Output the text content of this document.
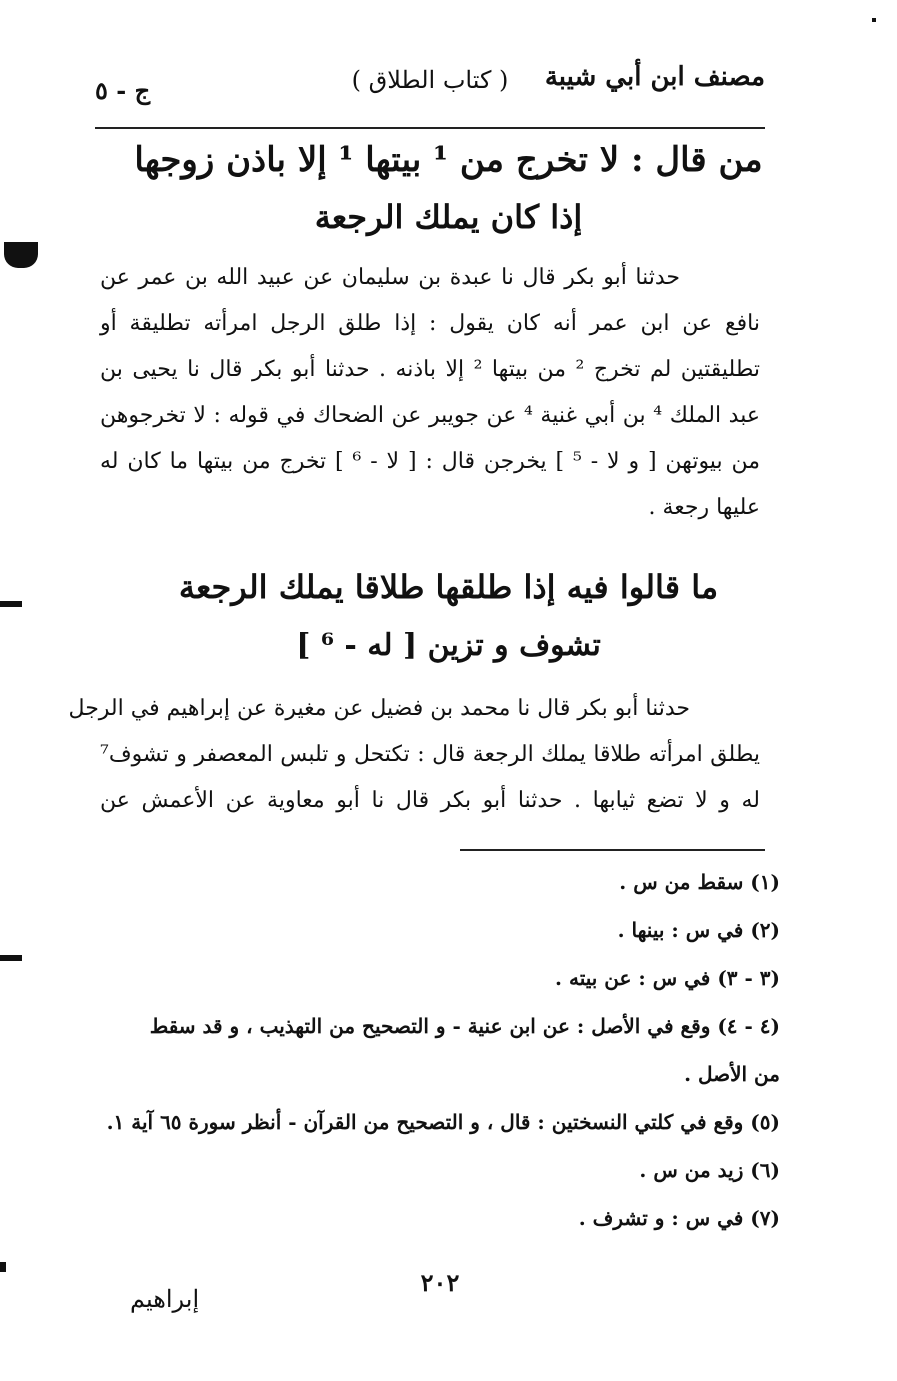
مصنف ابن أبي شيبة
( كتاب الطلاق )
ج - ٥
من قال : لا تخرج من ¹ بيتها ¹ إلا باذن زوجها
إذا كان يملك الرجعة
حدثنا أبو بكر قال نا عبدة بن سليمان عن عبيد الله بن عمر عن
نافع عن ابن عمر أنه كان يقول : إذا طلق الرجل امرأته تطليقة أو
تطليقتين لم تخرج ² من بيتها ² إلا باذنه . حدثنا أبو بكر قال نا يحيى بن
عبد الملك ⁴ بن أبي غنية ⁴ عن جويبر عن الضحاك في قوله : لا تخرجوهن
من بيوتهن [ و لا - ⁵ ] يخرجن قال : [ لا - ⁶ ] تخرج من بيتها ما كان له
عليها رجعة .
ما قالوا فيه إذا طلقها طلاقا يملك الرجعة
تشوف و تزين [ له - ⁶ ]
حدثنا أبو بكر قال نا محمد بن فضيل عن مغيرة عن إبراهيم في الرجل
يطلق امرأته طلاقا يملك الرجعة قال : تكتحل و تلبس المعصفر و تشوف⁷
له و لا تضع ثيابها . حدثنا أبو بكر قال نا أبو معاوية عن الأعمش عن
(١) سقط من س .
(٢) في س : بينها .
(٣ - ٣) في س : عن بيته .
(٤ - ٤) وقع في الأصل : عن ابن عنية - و التصحيح من التهذيب ، و قد سقط
من الأصل .
(٥) وقع في كلتي النسختين : قال ، و التصحيح من القرآن - أنظر سورة ٦٥ آية ١.
(٦) زيد من س .
(٧) في س : و تشرف .
٢٠٢
إبراهيم
